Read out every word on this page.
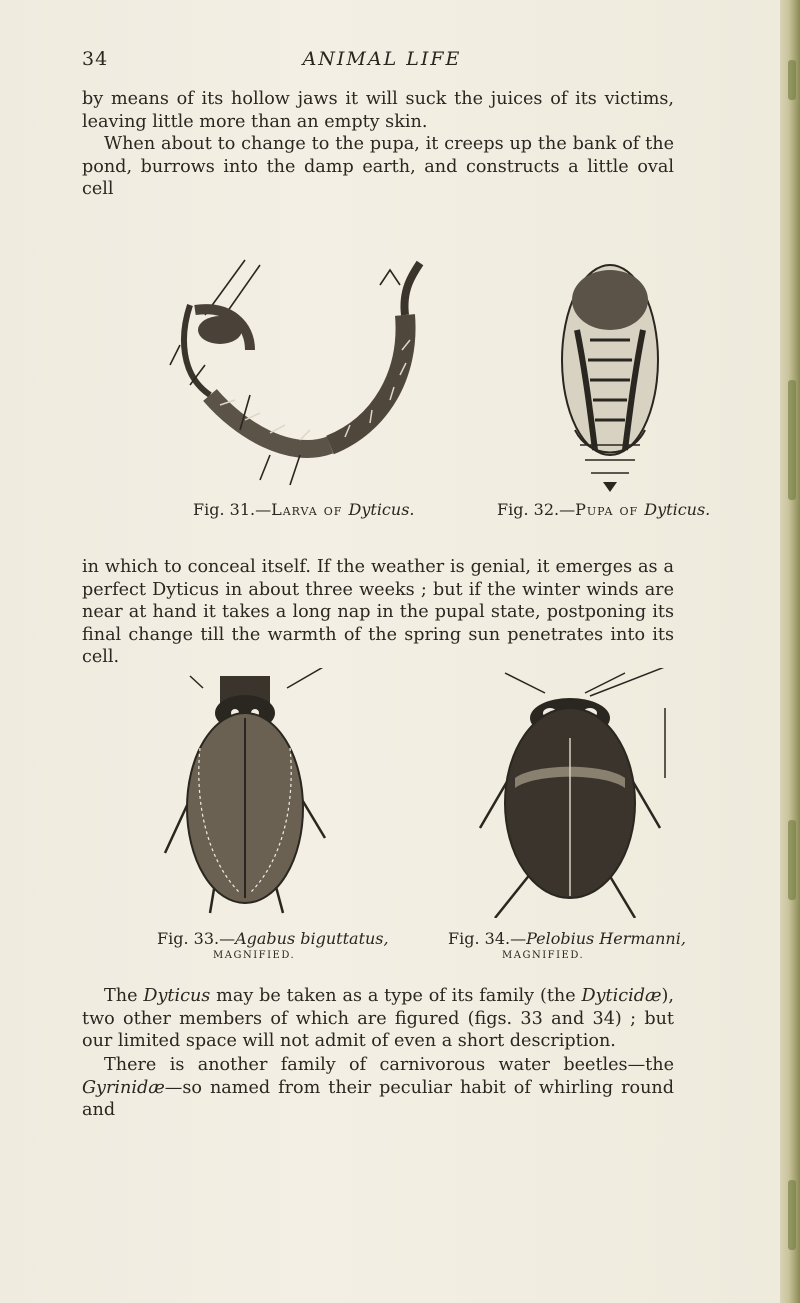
34	ANIMAL LIFE

by means of its hollow jaws it will suck the juices of its victims, leaving little more than an empty skin.

When about to change to the pupa, it creeps up the bank of the pond, burrows into the damp earth, and constructs a little oval cell

Fig. 31.—Larva of Dyticus.	Fig. 32.—Pupa of Dyticus.

in which to conceal itself. If the weather is genial, it emerges as a perfect Dyticus in about three weeks ; but if the winter winds are near at hand it takes a long nap in the pupal state, postponing its final change till the warmth of the spring sun penetrates into its cell.

Fig. 33.—Agabus biguttatus,
MAGNIFIED.
Fig. 34.—Pelobius Hermanni,
MAGNIFIED.

The Dyticus may be taken as a type of its family (the Dyticidæ), two other members of which are figured (figs. 33 and 34) ; but our limited space will not admit of even a short description.

There is another family of carnivorous water beetles—the Gyrinidæ—so named from their peculiar habit of whirling round and
